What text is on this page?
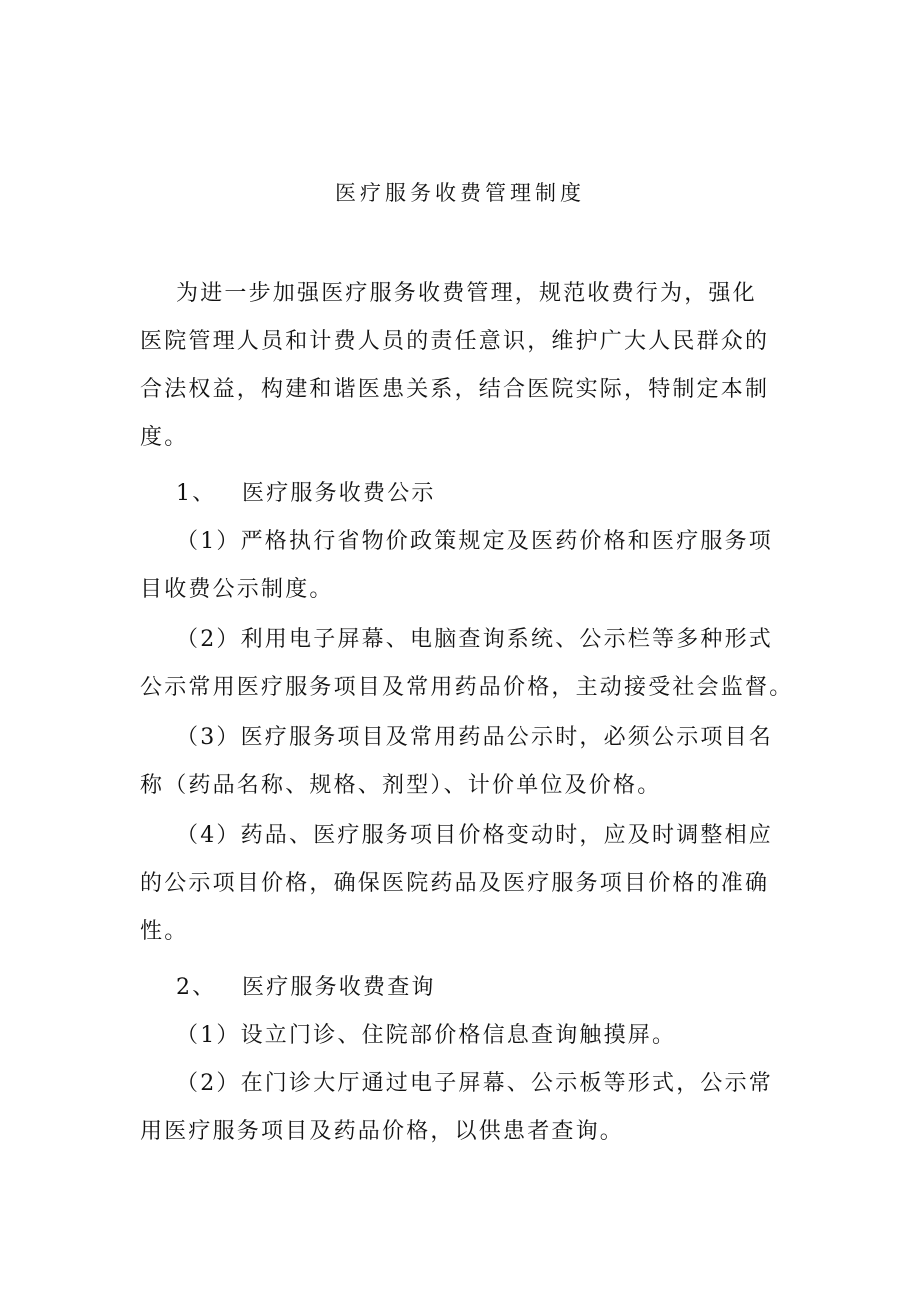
医疗服务收费管理制度
为进一步加强医疗服务收费管理，规范收费行为，强化
医院管理人员和计费人员的责任意识，维护广大人民群众的
合法权益，构建和谐医患关系，结合医院实际，特制定本制
度。
1、 医疗服务收费公示
（1）严格执行省物价政策规定及医药价格和医疗服务项
目收费公示制度。
（2）利用电子屏幕、电脑查询系统、公示栏等多种形式
公示常用医疗服务项目及常用药品价格，主动接受社会监督。
（3）医疗服务项目及常用药品公示时，必须公示项目名
称（药品名称、规格、剂型）、计价单位及价格。
（4）药品、医疗服务项目价格变动时，应及时调整相应
的公示项目价格，确保医院药品及医疗服务项目价格的准确
性。
2、 医疗服务收费查询
（1）设立门诊、住院部价格信息查询触摸屏。
（2）在门诊大厅通过电子屏幕、公示板等形式，公示常
用医疗服务项目及药品价格，以供患者查询。
